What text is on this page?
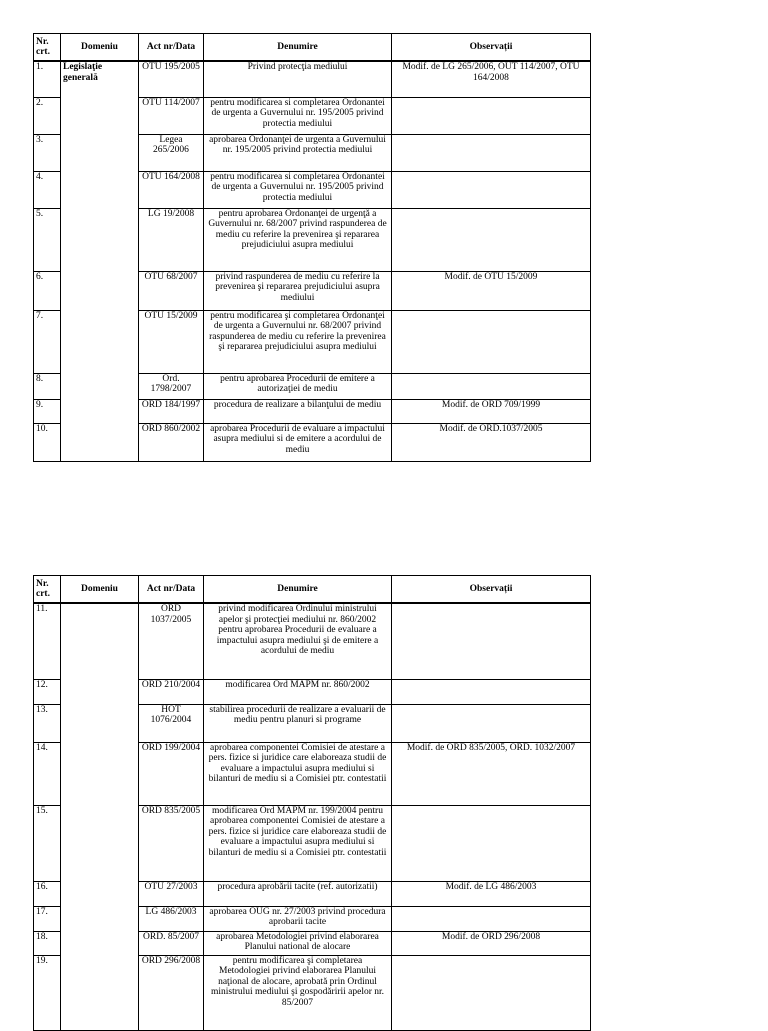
Nr. crt.	Domeniu	Act nr/Data	Denumire	Observații
1.	Legislaţie generală	OTU 195/2005	Privind protecţia mediului	Modif. de LG 265/2006, OUT 114/2007, OTU 164/2008
2.		OTU 114/2007	pentru modificarea si completarea Ordonantei de urgenta a Guvernului nr. 195/2005 privind protectia mediului	
3.		Legea 265/2006	aprobarea Ordonanţei de urgenta a Guvernului nr. 195/2005 privind protectia mediului	
4.		OTU 164/2008	pentru modificarea si completarea Ordonantei de urgenta a Guvernului nr. 195/2005 privind protectia mediului	
5.		LG 19/2008	pentru aprobarea Ordonanţei de urgenţă a Guvernului nr. 68/2007 privind raspunderea de mediu cu referire la prevenirea şi repararea prejudiciului asupra mediului	
6.		OTU 68/2007	privind raspunderea de mediu cu referire la prevenirea şi repararea prejudiciului asupra mediului	Modif. de OTU 15/2009
7.		OTU 15/2009	pentru modificarea şi completarea Ordonanţei de urgenta a Guvernului nr. 68/2007 privind raspunderea de mediu cu referire la prevenirea şi repararea prejudiciului asupra mediului	
8.		Ord. 1798/2007	pentru aprobarea Procedurii de emitere a autorizaţiei de mediu	
9.		ORD 184/1997	procedura de realizare a bilanţului de mediu	Modif. de ORD 709/1999
10.		ORD 860/2002	aprobarea Procedurii de evaluare a impactului asupra mediului si de emitere a acordului de mediu	Modif. de ORD.1037/2005
Nr. crt.	Domeniu	Act nr/Data	Denumire	Observații
11.		ORD 1037/2005	privind modificarea Ordinului ministrului apelor şi protecţiei mediului nr. 860/2002 pentru aprobarea Procedurii de evaluare a impactului asupra mediului şi de emitere a acordului de mediu	
12.		ORD 210/2004	modificarea Ord MAPM nr. 860/2002	
13.		HOT 1076/2004	stabilirea procedurii de realizare a evaluarii de mediu pentru planuri si programe	
14.		ORD 199/2004	aprobarea componentei Comisiei de atestare a pers. fizice si juridice care elaboreaza studii de evaluare a impactului asupra mediului si bilanturi de mediu si a Comisiei ptr. contestatii	Modif. de ORD 835/2005, ORD. 1032/2007
15.		ORD 835/2005	modificarea Ord MAPM nr. 199/2004 pentru aprobarea componentei Comisiei de atestare a pers. fizice si juridice care elaboreaza studii de evaluare a impactului asupra mediului si bilanturi de mediu si a Comisiei ptr. contestatii	
16.		OTU 27/2003	procedura aprobării tacite (ref. autorizatii)	Modif. de LG 486/2003
17.		LG 486/2003	aprobarea OUG nr. 27/2003 privind procedura aprobarii tacite	
18.		ORD. 85/2007	aprobarea Metodologiei privind elaborarea Planului national de alocare	Modif. de ORD 296/2008
19.		ORD 296/2008	pentru modificarea şi completarea Metodologiei privind elaborarea Planului naţional de alocare, aprobată prin Ordinul ministrului mediului şi gospodăririi apelor nr. 85/2007	
